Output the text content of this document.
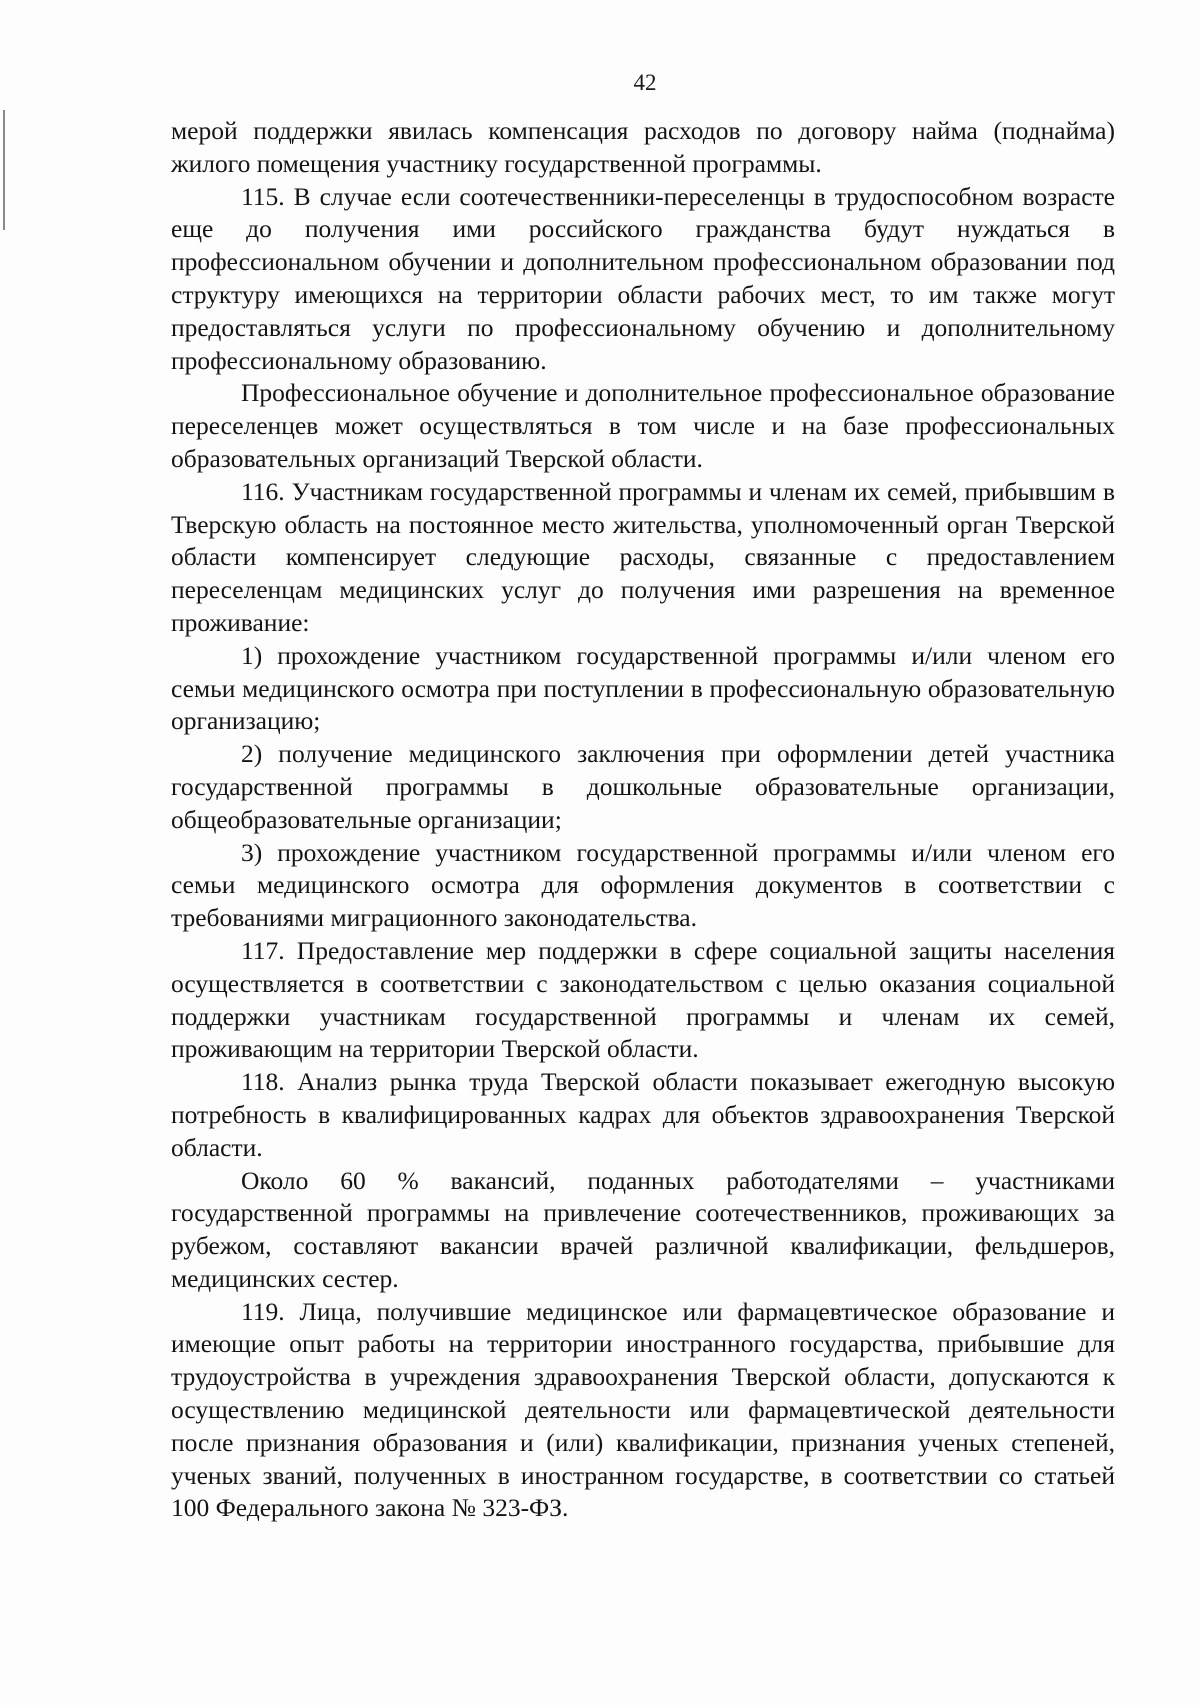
42

мерой поддержки явилась компенсация расходов по договору найма (поднайма) жилого помещения участнику государственной программы.

115. В случае если соотечественники-переселенцы в трудоспособном возрасте еще до получения ими российского гражданства будут нуждаться в профессиональном обучении и дополнительном профессиональном образовании под структуру имеющихся на территории области рабочих мест, то им также могут предоставляться услуги по профессиональному обучению и дополнительному профессиональному образованию.

Профессиональное обучение и дополнительное профессиональное образование переселенцев может осуществляться в том числе и на базе профессиональных образовательных организаций Тверской области.

116. Участникам государственной программы и членам их семей, прибывшим в Тверскую область на постоянное место жительства, уполномоченный орган Тверской области компенсирует следующие расходы, связанные с предоставлением переселенцам медицинских услуг до получения ими разрешения на временное проживание:

1) прохождение участником государственной программы и/или членом его семьи медицинского осмотра при поступлении в профессиональную образовательную организацию;

2) получение медицинского заключения при оформлении детей участника государственной программы в дошкольные образовательные организации, общеобразовательные организации;

3) прохождение участником государственной программы и/или членом его семьи медицинского осмотра для оформления документов в соответствии с требованиями миграционного законодательства.

117. Предоставление мер поддержки в сфере социальной защиты населения осуществляется в соответствии с законодательством с целью оказания социальной поддержки участникам государственной программы и членам их семей, проживающим на территории Тверской области.

118. Анализ рынка труда Тверской области показывает ежегодную высокую потребность в квалифицированных кадрах для объектов здравоохранения Тверской области.

Около 60 % вакансий, поданных работодателями – участниками государственной программы на привлечение соотечественников, проживающих за рубежом, составляют вакансии врачей различной квалификации, фельдшеров, медицинских сестер.

119. Лица, получившие медицинское или фармацевтическое образование и имеющие опыт работы на территории иностранного государства, прибывшие для трудоустройства в учреждения здравоохранения Тверской области, допускаются к осуществлению медицинской деятельности или фармацевтической деятельности после признания образования и (или) квалификации, признания ученых степеней, ученых званий, полученных в иностранном государстве, в соответствии со статьей 100 Федерального закона № 323-ФЗ.
